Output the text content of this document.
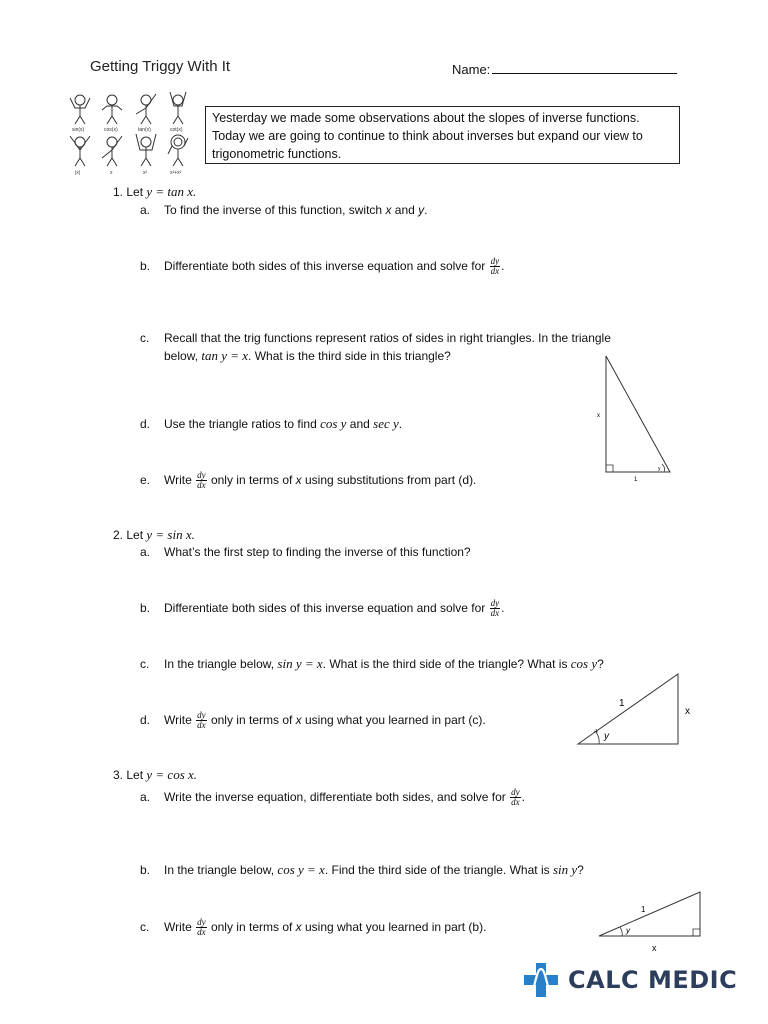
Getting Triggy With It	Name:
sin(x)	cos(x)	tan(x)	cot(x)
|x|	x	x²	x³+x²
Yesterday we made some observations about the slopes of inverse functions.
Today we are going to continue to think about inverses but expand our view to
trigonometric functions.
1. Let y = tan x.
a. To find the inverse of this function, switch x and y.
b. Differentiate both sides of this inverse equation and solve for $\frac{dy}{dx}$ .
c. Recall that the trig functions represent ratios of sides in right triangles. In the triangle
below, tan y = x. What is the third side in this triangle?
d. Use the triangle ratios to find cos y and sec y.
e. Write $\frac{dy}{dx}$ only in terms of x using substitutions from part (d).
x
1
y
2. Let y = sin x.
a. What’s the first step to finding the inverse of this function?
b. Differentiate both sides of this inverse equation and solve for $\frac{dy}{dx}$ .
c. In the triangle below, sin y = x. What is the third side of the triangle? What is cos y?
d. Write $\frac{dy}{dx}$ only in terms of x using what you learned in part (c).
1
x
y
3. Let y = cos x.
a. Write the inverse equation, differentiate both sides, and solve for $\frac{dy}{dx}$ .
b. In the triangle below, cos y = x. Find the third side of the triangle. What is sin y?
c. Write $\frac{dy}{dx}$ only in terms of x using what you learned in part (b).
1
x
y
CALC MEDIC
